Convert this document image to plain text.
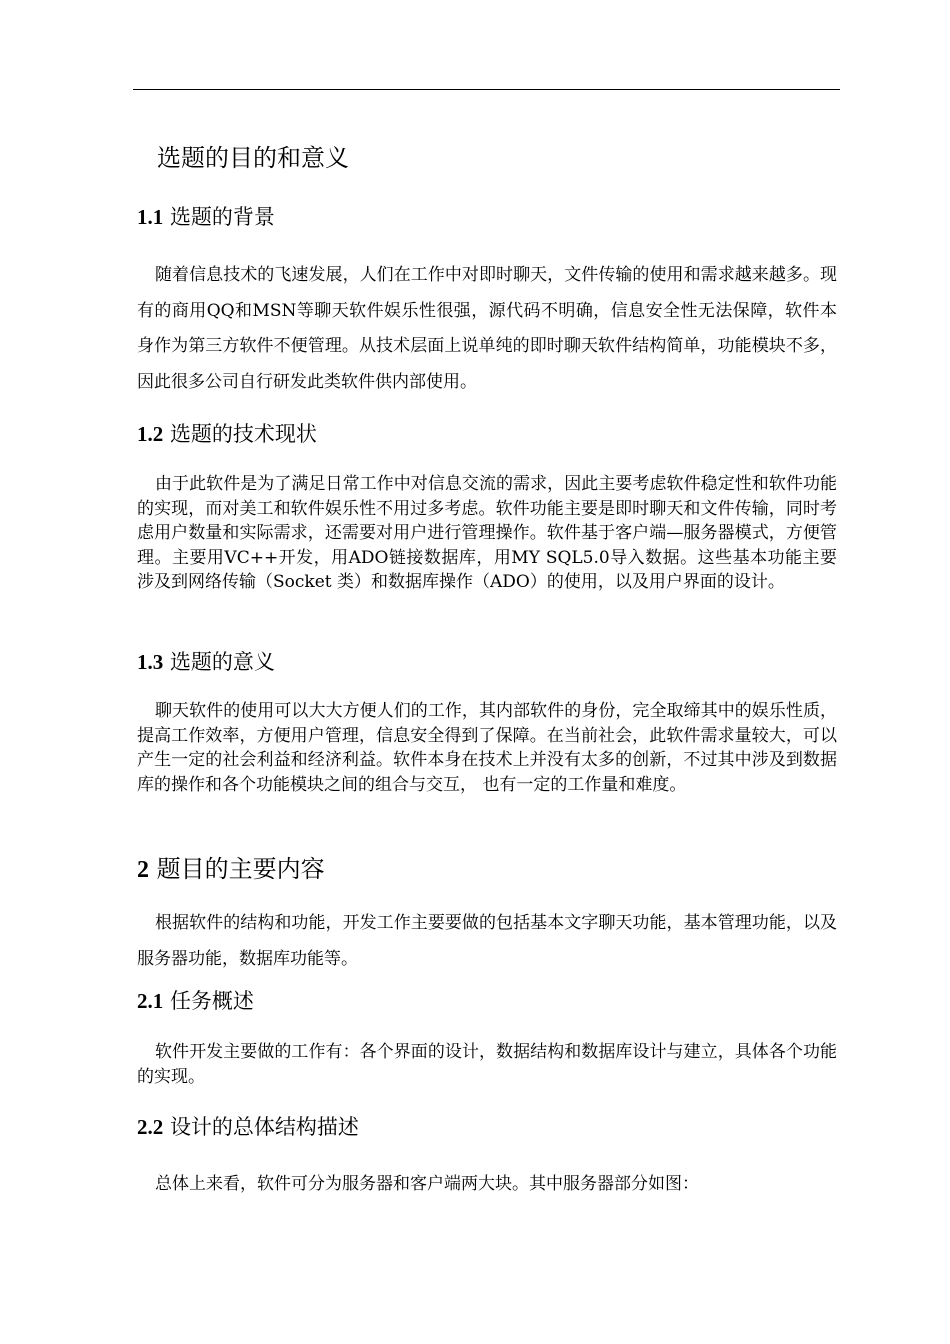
选题的目的和意义

1.1 选题的背景

随着信息技术的飞速发展，人们在工作中对即时聊天，文件传输的使用和需求越来越多。现有的商用QQ和MSN等聊天软件娱乐性很强，源代码不明确，信息安全性无法保障，软件本身作为第三方软件不便管理。从技术层面上说单纯的即时聊天软件结构简单，功能模块不多，因此很多公司自行研发此类软件供内部使用。

1.2 选题的技术现状

由于此软件是为了满足日常工作中对信息交流的需求，因此主要考虑软件稳定性和软件功能的实现，而对美工和软件娱乐性不用过多考虑。软件功能主要是即时聊天和文件传输，同时考虑用户数量和实际需求，还需要对用户进行管理操作。软件基于客户端—服务器模式，方便管理。主要用VC++开发，用ADO链接数据库，用MY SQL5.0导入数据。这些基本功能主要涉及到网络传输（Socket 类）和数据库操作（ADO）的使用，以及用户界面的设计。

1.3 选题的意义

聊天软件的使用可以大大方便人们的工作，其内部软件的身份，完全取缔其中的娱乐性质，提高工作效率，方便用户管理，信息安全得到了保障。在当前社会，此软件需求量较大，可以产生一定的社会利益和经济利益。软件本身在技术上并没有太多的创新，不过其中涉及到数据库的操作和各个功能模块之间的组合与交互， 也有一定的工作量和难度。

2 题目的主要内容

根据软件的结构和功能，开发工作主要要做的包括基本文字聊天功能，基本管理功能，以及服务器功能，数据库功能等。

2.1 任务概述

软件开发主要做的工作有：各个界面的设计，数据结构和数据库设计与建立，具体各个功能的实现。

2.2 设计的总体结构描述

总体上来看，软件可分为服务器和客户端两大块。其中服务器部分如图：
